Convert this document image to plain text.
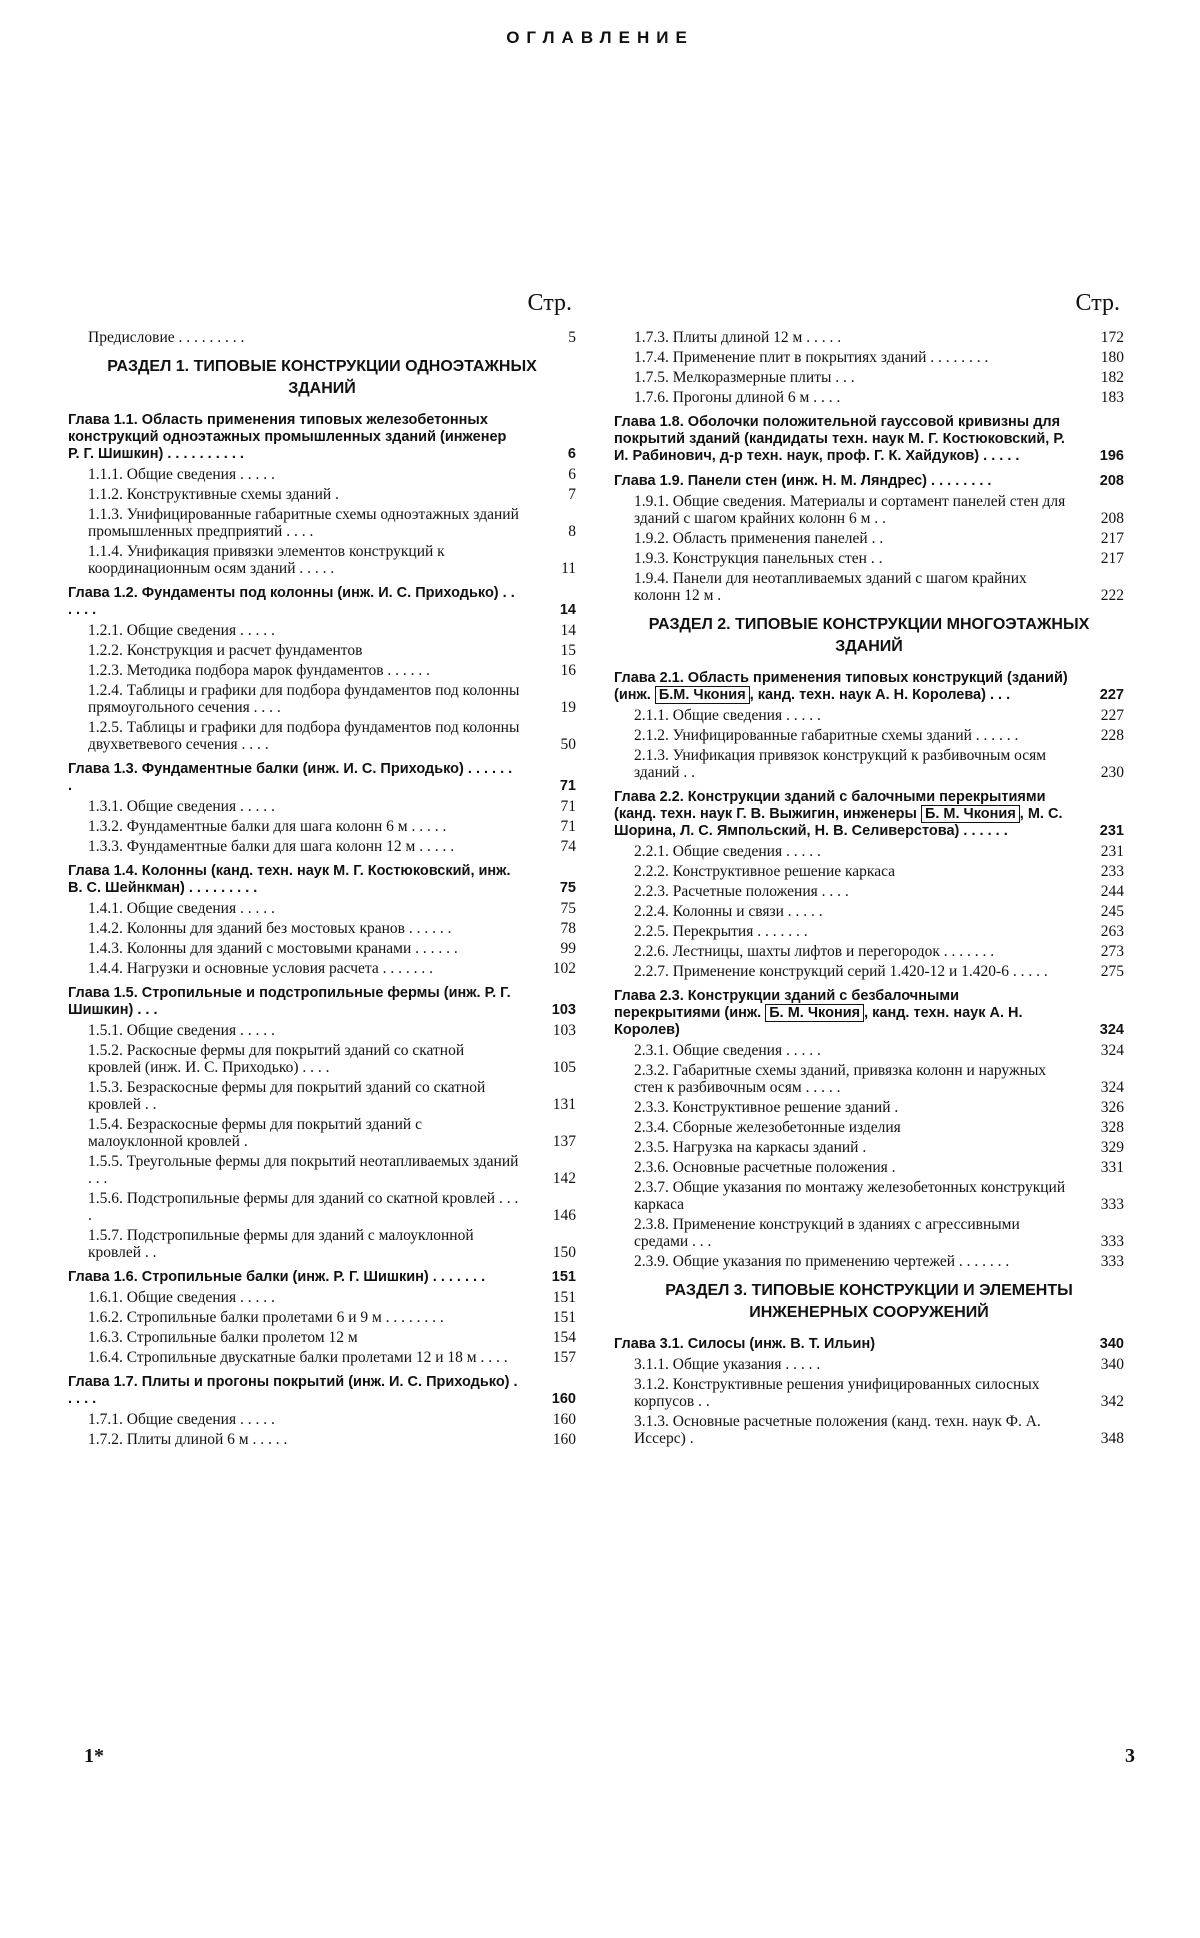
ОГЛАВЛЕНИЕ
Стр.
Предисловие . . . . . . . . .	5
РАЗДЕЛ 1. ТИПОВЫЕ КОНСТРУКЦИИ ОДНОЭТАЖНЫХ ЗДАНИЙ
Глава 1.1. Область применения типовых железобетонных конструкций одноэтажных промышленных зданий (инженер Р. Г. Шишкин) . . . . . . . . . .	6
1.1.1. Общие сведения . . . . .	6
1.1.2. Конструктивные схемы зданий .	7
1.1.3. Унифицированные габаритные схемы одноэтажных зданий промышленных предприятий . . . .	8
1.1.4. Унификация привязки элементов конструкций к координационным осям зданий . . . . .	11
Глава 1.2. Фундаменты под колонны (инж. И. С. Приходько) . . . . . .	14
1.2.1. Общие сведения . . . . .	14
1.2.2. Конструкция и расчет фундаментов	15
1.2.3. Методика подбора марок фундаментов . . . . . .	16
1.2.4. Таблицы и графики для подбора фундаментов под колонны прямоугольного сечения . . . .	19
1.2.5. Таблицы и графики для подбора фундаментов под колонны двухветвевого сечения . . . .	50
Глава 1.3. Фундаментные балки (инж. И. С. Приходько) . . . . . . .	71
1.3.1. Общие сведения . . . . .	71
1.3.2. Фундаментные балки для шага колонн 6 м . . . . .	71
1.3.3. Фундаментные балки для шага колонн 12 м . . . . .	74
Глава 1.4. Колонны (канд. техн. наук М. Г. Костюковский, инж. В. С. Шейнкман) . . . . . . . . .	75
1.4.1. Общие сведения . . . . .	75
1.4.2. Колонны для зданий без мостовых кранов . . . . . .	78
1.4.3. Колонны для зданий с мостовыми кранами . . . . . .	99
1.4.4. Нагрузки и основные условия расчета . . . . . . .	102
Глава 1.5. Стропильные и подстропильные фермы (инж. Р. Г. Шишкин) . . .	103
1.5.1. Общие сведения . . . . .	103
1.5.2. Раскосные фермы для покрытий зданий со скатной кровлей (инж. И. С. Приходько) . . . .	105
1.5.3. Безраскосные фермы для покрытий зданий со скатной кровлей . .	131
1.5.4. Безраскосные фермы для покрытий зданий с малоуклонной кровлей .	137
1.5.5. Треугольные фермы для покрытий неотапливаемых зданий . . .	142
1.5.6. Подстропильные фермы для зданий со скатной кровлей . . . .	146
1.5.7. Подстропильные фермы для зданий с малоуклонной кровлей . .	150
Глава 1.6. Стропильные балки (инж. Р. Г. Шишкин) . . . . . . .	151
1.6.1. Общие сведения . . . . .	151
1.6.2. Стропильные балки пролетами 6 и 9 м . . . . . . . .	151
1.6.3. Стропильные балки пролетом 12 м	154
1.6.4. Стропильные двускатные балки пролетами 12 и 18 м . . . .	157
Глава 1.7. Плиты и прогоны покрытий (инж. И. С. Приходько) . . . . .	160
1.7.1. Общие сведения . . . . .	160
1.7.2. Плиты длиной 6 м . . . . .	160
Стр.
1.7.3. Плиты длиной 12 м . . . . .	172
1.7.4. Применение плит в покрытиях зданий . . . . . . . .	180
1.7.5. Мелкоразмерные плиты . . .	182
1.7.6. Прогоны длиной 6 м . . . .	183
Глава 1.8. Оболочки положительной гауссовой кривизны для покрытий зданий (кандидаты техн. наук М. Г. Костюковский, Р. И. Рабинович, д-р техн. наук, проф. Г. К. Хайдуков) . . . . .	196
Глава 1.9. Панели стен (инж. Н. М. Ляндрес) . . . . . . . .	208
1.9.1. Общие сведения. Материалы и сортамент панелей стен для зданий с шагом крайних колонн 6 м . .	208
1.9.2. Область применения панелей . .	217
1.9.3. Конструкция панельных стен . .	217
1.9.4. Панели для неотапливаемых зданий с шагом крайних колонн 12 м .	222
РАЗДЕЛ 2. ТИПОВЫЕ КОНСТРУКЦИИ МНОГОЭТАЖНЫХ ЗДАНИЙ
Глава 2.1. Область применения типовых конструкций (зданий) (инж. Б.М. Чкония , канд. техн. наук А. Н. Королева) . . .	227
2.1.1. Общие сведения . . . . .	227
2.1.2. Унифицированные габаритные схемы зданий . . . . . .	228
2.1.3. Унификация привязок конструкций к разбивочным осям зданий . .	230
Глава 2.2. Конструкции зданий с балочными перекрытиями (канд. техн. наук Г. В. Выжигин, инженеры Б. М. Чкония , М. С. Шорина, Л. С. Ямпольский, Н. В. Селиверстова) . . . . . .	231
2.2.1. Общие сведения . . . . .	231
2.2.2. Конструктивное решение каркаса	233
2.2.3. Расчетные положения . . . .	244
2.2.4. Колонны и связи . . . . .	245
2.2.5. Перекрытия . . . . . . .	263
2.2.6. Лестницы, шахты лифтов и перегородок . . . . . . .	273
2.2.7. Применение конструкций серий 1.420-12 и 1.420-6 . . . . .	275
Глава 2.3. Конструкции зданий с безбалочными перекрытиями (инж. Б. М. Чкония , канд. техн. наук А. Н. Королев)	324
2.3.1. Общие сведения . . . . .	324
2.3.2. Габаритные схемы зданий, привязка колонн и наружных стен к разбивочным осям . . . . .	324
2.3.3. Конструктивное решение зданий .	326
2.3.4. Сборные железобетонные изделия	328
2.3.5. Нагрузка на каркасы зданий .	329
2.3.6. Основные расчетные положения .	331
2.3.7. Общие указания по монтажу железобетонных конструкций каркаса	333
2.3.8. Применение конструкций в зданиях с агрессивными средами . . .	333
2.3.9. Общие указания по применению чертежей . . . . . . .	333
РАЗДЕЛ 3. ТИПОВЫЕ КОНСТРУКЦИИ И ЭЛЕМЕНТЫ ИНЖЕНЕРНЫХ СООРУЖЕНИЙ
Глава 3.1. Силосы (инж. В. Т. Ильин)	340
3.1.1. Общие указания . . . . .	340
3.1.2. Конструктивные решения унифицированных силосных корпусов . .	342
3.1.3. Основные расчетные положения (канд. техн. наук Ф. А. Иссерс) .	348
1*	3
